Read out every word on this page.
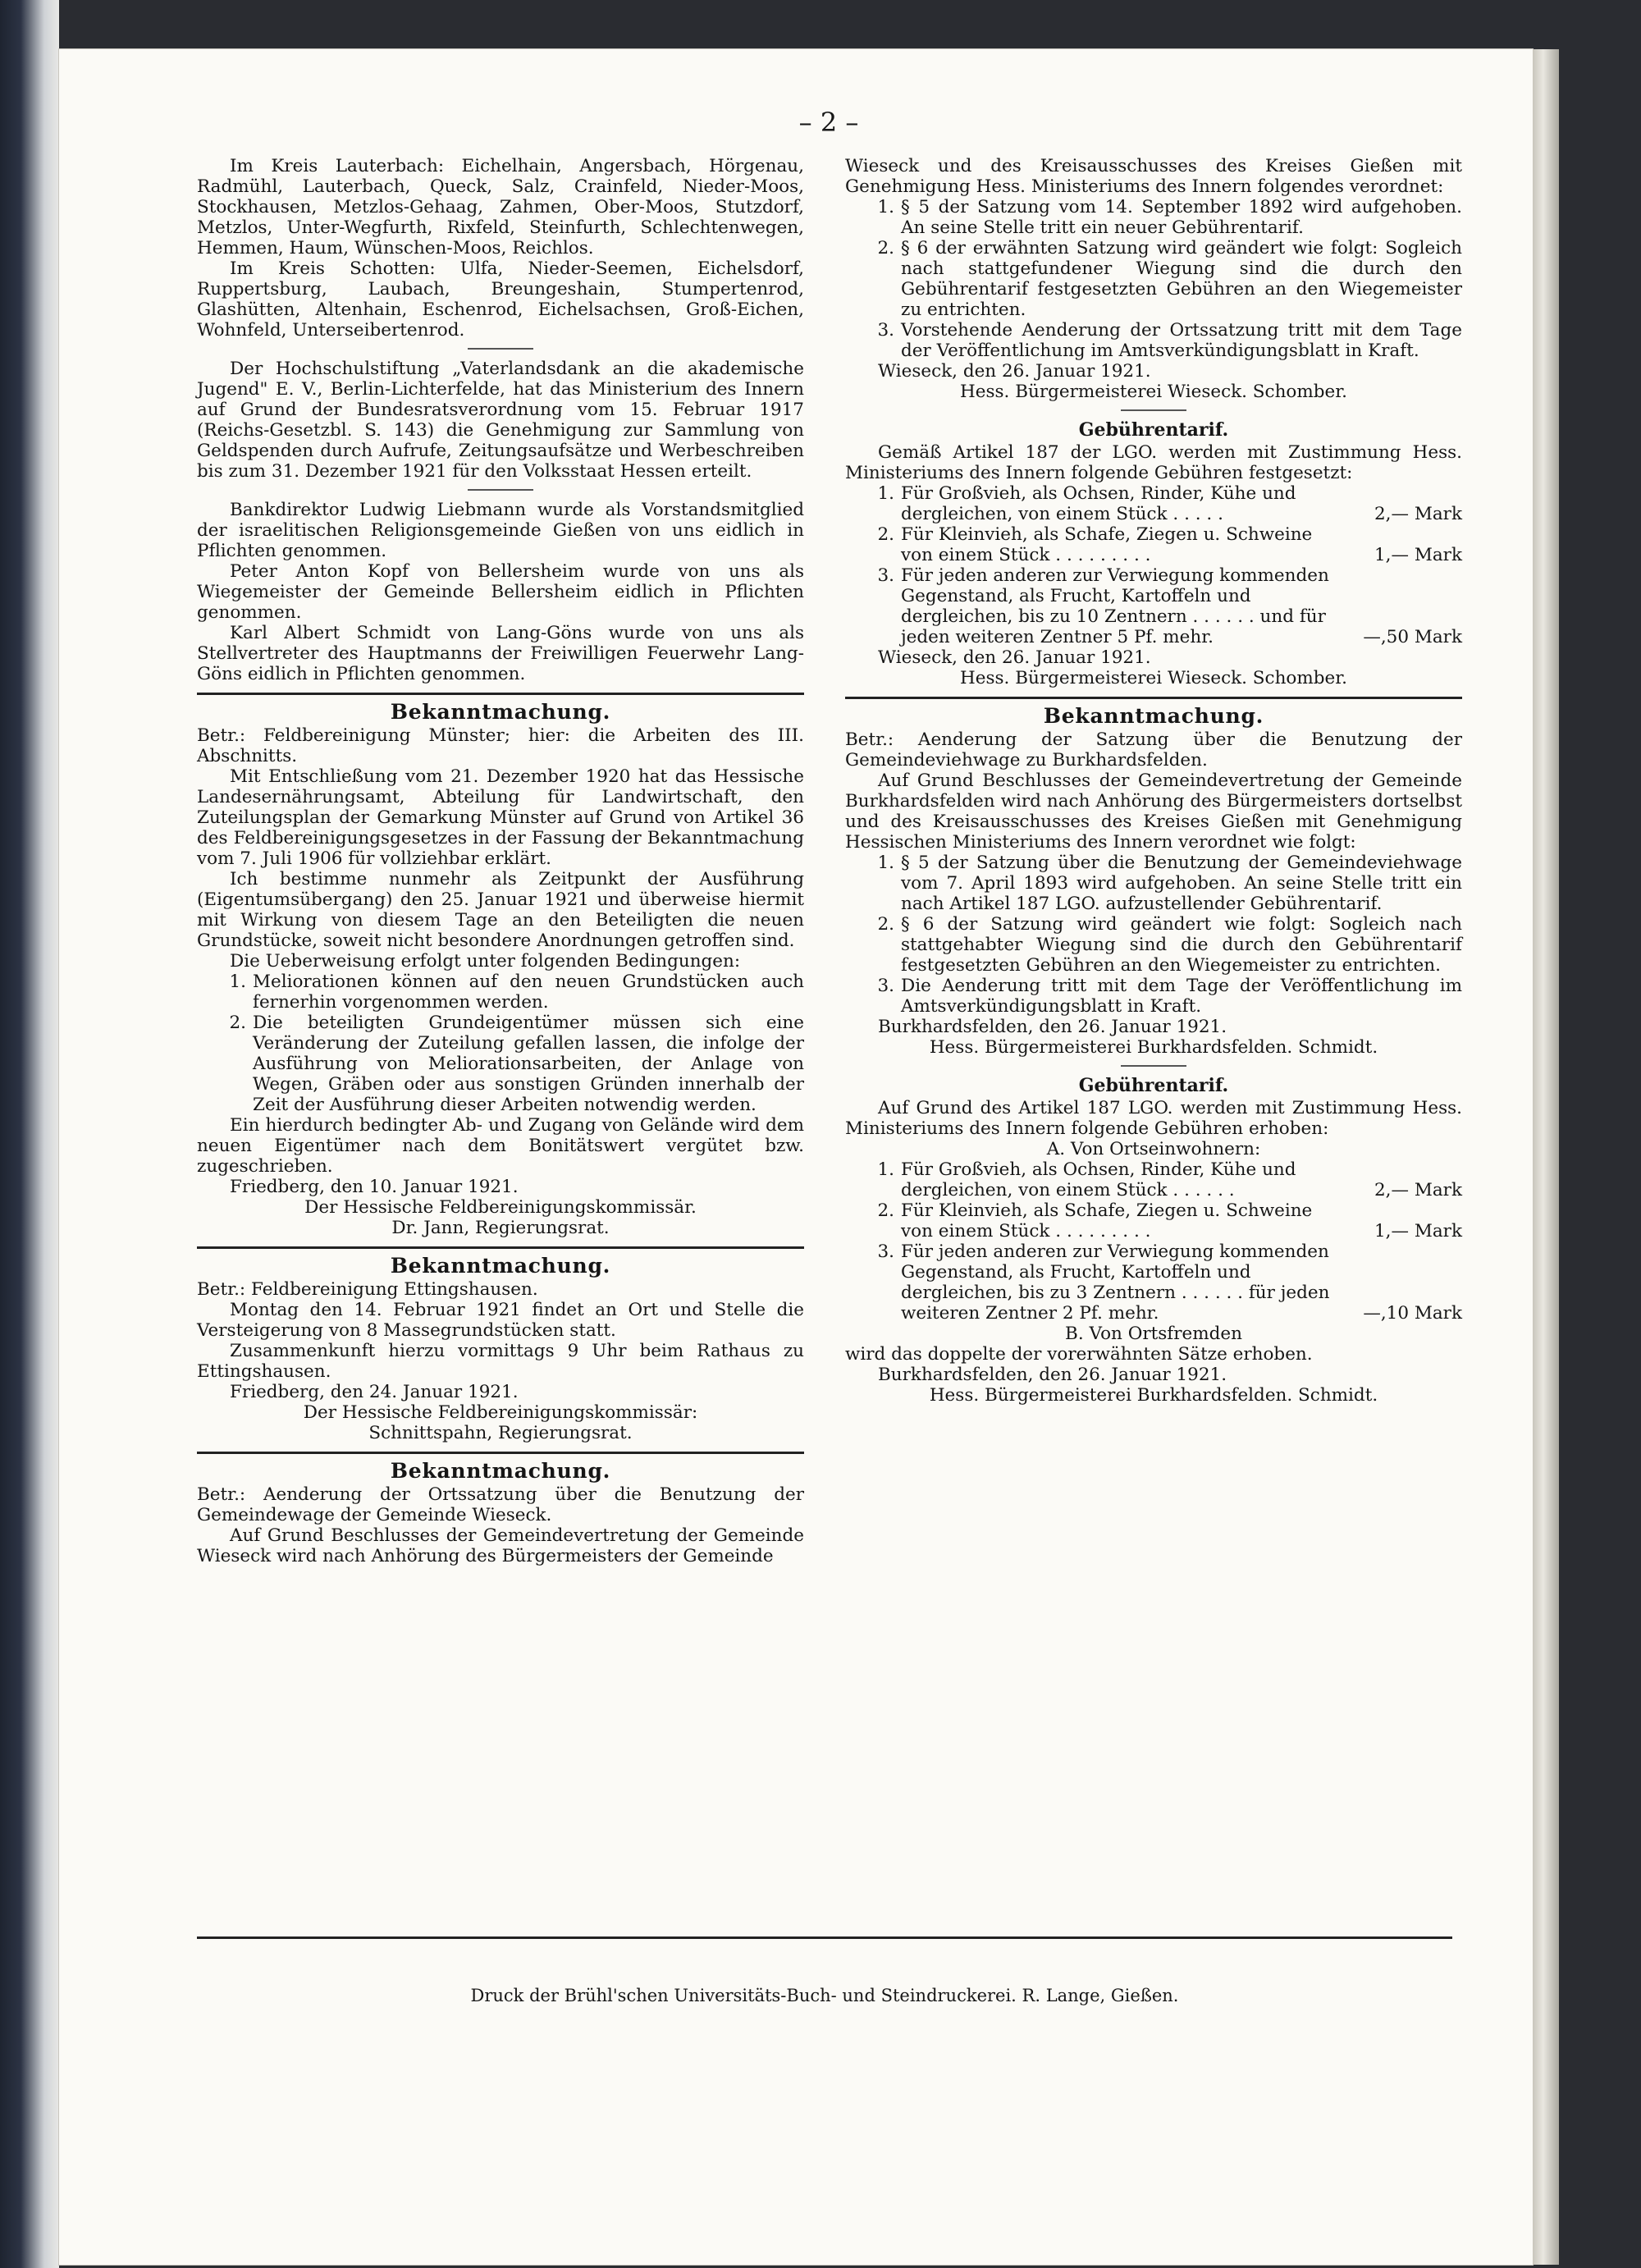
– 2 –

Im Kreis Lauterbach: Eichelhain, Angersbach, Hörgenau, Radmühl, Lauterbach, Queck, Salz, Crainfeld, Nieder-Moos, Stockhausen, Metzlos-Gehaag, Zahmen, Ober-Moos, Stutzdorf, Metzlos, Unter-Wegfurth, Rixfeld, Steinfurth, Schlechtenwegen, Hemmen, Haum, Wünschen-Moos, Reichlos.

Im Kreis Schotten: Ulfa, Nieder-Seemen, Eichelsdorf, Ruppertsburg, Laubach, Breungeshain, Stumpertenrod, Glashütten, Altenhain, Eschenrod, Eichelsachsen, Groß-Eichen, Wohnfeld, Unterseibertenrod.

Der Hochschulstiftung „Vaterlandsdank an die akademische Jugend" E. V., Berlin-Lichterfelde, hat das Ministerium des Innern auf Grund der Bundesratsverordnung vom 15. Februar 1917 (Reichs-Gesetzbl. S. 143) die Genehmigung zur Sammlung von Geldspenden durch Aufrufe, Zeitungsaufsätze und Werbeschreiben bis zum 31. Dezember 1921 für den Volksstaat Hessen erteilt.

Bankdirektor Ludwig Liebmann wurde als Vorstandsmitglied der israelitischen Religionsgemeinde Gießen von uns eidlich in Pflichten genommen.

Peter Anton Kopf von Bellersheim wurde von uns als Wiegemeister der Gemeinde Bellersheim eidlich in Pflichten genommen.

Karl Albert Schmidt von Lang-Göns wurde von uns als Stellvertreter des Hauptmanns der Freiwilligen Feuerwehr Lang-Göns eidlich in Pflichten genommen.

Bekanntmachung.

Betr.: Feldbereinigung Münster; hier: die Arbeiten des III. Abschnitts.

Mit Entschließung vom 21. Dezember 1920 hat das Hessische Landesernährungsamt, Abteilung für Landwirtschaft, den Zuteilungsplan der Gemarkung Münster auf Grund von Artikel 36 des Feldbereinigungsgesetzes in der Fassung der Bekanntmachung vom 7. Juli 1906 für vollziehbar erklärt.

Ich bestimme nunmehr als Zeitpunkt der Ausführung (Eigentumsübergang) den 25. Januar 1921 und überweise hiermit mit Wirkung von diesem Tage an den Beteiligten die neuen Grundstücke, soweit nicht besondere Anordnungen getroffen sind.

Die Ueberweisung erfolgt unter folgenden Bedingungen:

1. Meliorationen können auf den neuen Grundstücken auch fernerhin vorgenommen werden.
2. Die beteiligten Grundeigentümer müssen sich eine Veränderung der Zuteilung gefallen lassen, die infolge der Ausführung von Meliorationsarbeiten, der Anlage von Wegen, Gräben oder aus sonstigen Gründen innerhalb der Zeit der Ausführung dieser Arbeiten notwendig werden.

Ein hierdurch bedingter Ab- und Zugang von Gelände wird dem neuen Eigentümer nach dem Bonitätswert vergütet bzw. zugeschrieben.

Friedberg, den 10. Januar 1921.

Der Hessische Feldbereinigungskommissär.

Dr. Jann, Regierungsrat.

Bekanntmachung.

Betr.: Feldbereinigung Ettingshausen.

Montag den 14. Februar 1921 findet an Ort und Stelle die Versteigerung von 8 Massegrundstücken statt.

Zusammenkunft hierzu vormittags 9 Uhr beim Rathaus zu Ettingshausen.

Friedberg, den 24. Januar 1921.

Der Hessische Feldbereinigungskommissär:

Schnittspahn, Regierungsrat.

Bekanntmachung.

Betr.: Aenderung der Ortssatzung über die Benutzung der Gemeindewage der Gemeinde Wieseck.

Auf Grund Beschlusses der Gemeindevertretung der Gemeinde Wieseck wird nach Anhörung des Bürgermeisters der Gemeinde

Wieseck und des Kreisausschusses des Kreises Gießen mit Genehmigung Hess. Ministeriums des Innern folgendes verordnet:

1. § 5 der Satzung vom 14. September 1892 wird aufgehoben. An seine Stelle tritt ein neuer Gebührentarif.
2. § 6 der erwähnten Satzung wird geändert wie folgt: Sogleich nach stattgefundener Wiegung sind die durch den Gebührentarif festgesetzten Gebühren an den Wiegemeister zu entrichten.
3. Vorstehende Aenderung der Ortssatzung tritt mit dem Tage der Veröffentlichung im Amtsverkündigungsblatt in Kraft.

Wieseck, den 26. Januar 1921.

Hess. Bürgermeisterei Wieseck. Schomber.

Gebührentarif.

Gemäß Artikel 187 der LGO. werden mit Zustimmung Hess. Ministeriums des Innern folgende Gebühren festgesetzt:

1. Für Großvieh, als Ochsen, Rinder, Kühe und dergleichen, von einem Stück . . . . .	2,— Mark
2. Für Kleinvieh, als Schafe, Ziegen u. Schweine von einem Stück . . . . . . . . .	1,— Mark
3. Für jeden anderen zur Verwiegung kommenden Gegenstand, als Frucht, Kartoffeln und dergleichen, bis zu 10 Zentnern . . . . . . und für jeden weiteren Zentner 5 Pf. mehr.	—,50 Mark

Wieseck, den 26. Januar 1921.

Hess. Bürgermeisterei Wieseck. Schomber.

Bekanntmachung.

Betr.: Aenderung der Satzung über die Benutzung der Gemeindeviehwage zu Burkhardsfelden.

Auf Grund Beschlusses der Gemeindevertretung der Gemeinde Burkhardsfelden wird nach Anhörung des Bürgermeisters dortselbst und des Kreisausschusses des Kreises Gießen mit Genehmigung Hessischen Ministeriums des Innern verordnet wie folgt:

1. § 5 der Satzung über die Benutzung der Gemeindeviehwage vom 7. April 1893 wird aufgehoben. An seine Stelle tritt ein nach Artikel 187 LGO. aufzustellender Gebührentarif.
2. § 6 der Satzung wird geändert wie folgt: Sogleich nach stattgehabter Wiegung sind die durch den Gebührentarif festgesetzten Gebühren an den Wiegemeister zu entrichten.
3. Die Aenderung tritt mit dem Tage der Veröffentlichung im Amtsverkündigungsblatt in Kraft.

Burkhardsfelden, den 26. Januar 1921.

Hess. Bürgermeisterei Burkhardsfelden. Schmidt.

Gebührentarif.

Auf Grund des Artikel 187 LGO. werden mit Zustimmung Hess. Ministeriums des Innern folgende Gebühren erhoben:

A. Von Ortseinwohnern:

1. Für Großvieh, als Ochsen, Rinder, Kühe und dergleichen, von einem Stück . . . . . .	2,— Mark
2. Für Kleinvieh, als Schafe, Ziegen u. Schweine von einem Stück . . . . . . . . .	1,— Mark
3. Für jeden anderen zur Verwiegung kommenden Gegenstand, als Frucht, Kartoffeln und dergleichen, bis zu 3 Zentnern . . . . . . für jeden weiteren Zentner 2 Pf. mehr.	—,10 Mark

B. Von Ortsfremden

wird das doppelte der vorerwähnten Sätze erhoben.

Burkhardsfelden, den 26. Januar 1921.

Hess. Bürgermeisterei Burkhardsfelden. Schmidt.

Druck der Brühl'schen Universitäts-Buch- und Steindruckerei. R. Lange, Gießen.
